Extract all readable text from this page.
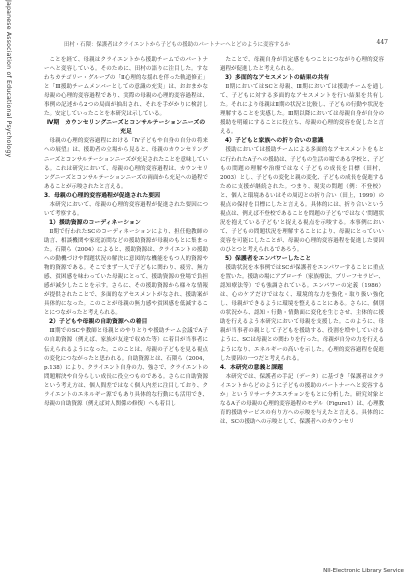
Japanese Association of Educational Psychology	田村・石隈：保護者はクライエントから子どもの援助のパートナーへとどのように変容するか	447

ことを経て、母親はクライエントから援助チームでのパートナーへと変容している。そのために、田村の語りに注目した。すなわちカテゴリー・グループの「Ⅱ心理的な揺れを伴った軌道修正」と「Ⅲ援助チームメンバーとしての意識の充実」は、おおまかな母親の心理的変容過程であり、実際の母親の心理的変容過程は、事例の記述から2つの局面が抽出され、それを手がかりに検討した。安定していったことを本研究は示している。

Ⅳ期　カウンセリングニーズとコンサルテーションニーズの充足

母親の心理的変容過程における『Ⅳ子どもや自身の自分の将来への展望』は、援助者の立場から見ると、母親のカウンセリングニーズとコンサルテーションニーズが充足されたことを意味している。これは研究において、母親の心理的変容過程は、カウンセリングニーズとコンサルテーションニーズの両面から充足への過程であることが示唆されたと言える。

3．母親の心理的変容過程が促進された要因

本研究において、母親の心理的変容過程が促進された要因について考察する。

1）援助資源のコーディネーション

Ⅱ期で行われたSCのコーディネーションにより、担任他教師の助言、相談機関や家庭訪問などの援助資源が母親のもとに集まった。石隈ら（2004）によると、援助資源は、クライエントの援助への動機づけや問題状況の解決に意図的な機能をもつ人的資源や物的資源である。そこでまず一人で子どもに関わり、疲労、無力感、貧困感を味わっていた母親にとって、援助資源の登場で負担感が減少したことを示す。さらに、その援助資源から様々な情報が提供されたことで、多面的なアセスメントがなされ、援助案が具体的になった。このことが母親の無力感や貧困感を低減することにつながったと考えられる。

2）子どもや母親の自助資源への着目

Ⅲ期でのSCや教師と母親とのやりとりや援助チーム会議でA子の自助資源（例えば、家族が友達で収めた等）に着目が当事者に伝えられるようになった。このことは、母親の子どもを見る視点の変化につながったと思われる。自助資源とは、石隈ら（2004，p.138）により、クライエント自身の力、強さで、クライエントの問題解決や自分らしい成長に役立つものである。さらに自助資源という考え方は、個人間差ではなく個人内差に注目しており、クライエントのエネルギー源でもあり具体的な行動にも活用でき、母親の自助資源（例えば対人関係の修復）へも着目し

たことで、母親自身が肯定感をもつことにつながり心理的変容過程が促進したと考えられる。

3）多面的なアセスメントの結果の共有

Ⅱ期においてはSCと母親、Ⅲ期においては援助チームを通して、子どもに対する多面的なアセスメントを行い結果を共有した。それにより母親はⅡ期の状況と比較し、子どもの行動や状況を理解することを実感した。Ⅲ期以降においては母親自身が自分の援助を明確にすることに役立ち、母親の心理的変容を促したと言える。

4）子どもと家族への折り合いの意識

援助においては援助チームによる多面的なアセスメントをもとに行われたA子への援助は、子どもの生活の場である学校と、子どもの問題の理解や治療ではなく子どもの成長を目標（田村，2003）とし、子どもの変化と親の変化、子どもの成長を促進するために支援が継続された。つまり、現実の問題（例：不登校）と、個人と環境あるいはその周辺との折り合い（田上，1999）の視点の保持を目標にしたと言える。具体的には、折り合いという視点は、例えば不登校であることを問題の子ども'ではなく'問題状況を抱えている子ども'と捉える視点を示唆する。本事例において、子どもの問題状況を理解することにより、母親にとっていい変容を可能にしたことが、母親の心理的変容過程を促進した要因のひとつと考えられるであろう。

5）保護者をエンパワーしたこと

援助状況を本事例ではSCが保護者をエンパワーすることに重点を置いた。援助の場にアプローチ（家族療法、ブリーフセラピー、認知療法等）でも強調されている。エンパワーの定義（1986）は、心のケアだけではなく、環境的な力を強化・取り扱い強化し、母親ができるように環境を整えることにある。さらに、個別の状況から、認知・行動・情動面に変化を生じさせ、主体的に援助を行えるよう本研究において母親を支援した。このように、母親が当事者の親として子どもを援助する、役割を増やしていけるように、SCは母親との関わりを行った。母親が自分の力を行えるようになり、エネルギーの高いを示した。心理的変容過程を促進した要因の一つだと考えられる。

4．本研究の意義と課題

本研究では、保護者の手記（データ）に基づき「保護者はクライエントからどのように子どもの援助のパートナーへと変容するか」というリサーチクエスチョンをもとに分析した。研究対象となるA子の母親の心理的変容過程のモデル（Figure1）は、心理教育的援助サービスの有り方への示唆を与えたと言える。具体的には、SCの援助への示唆として、保護者へのカウンセリ

NII-Electronic Library Service
